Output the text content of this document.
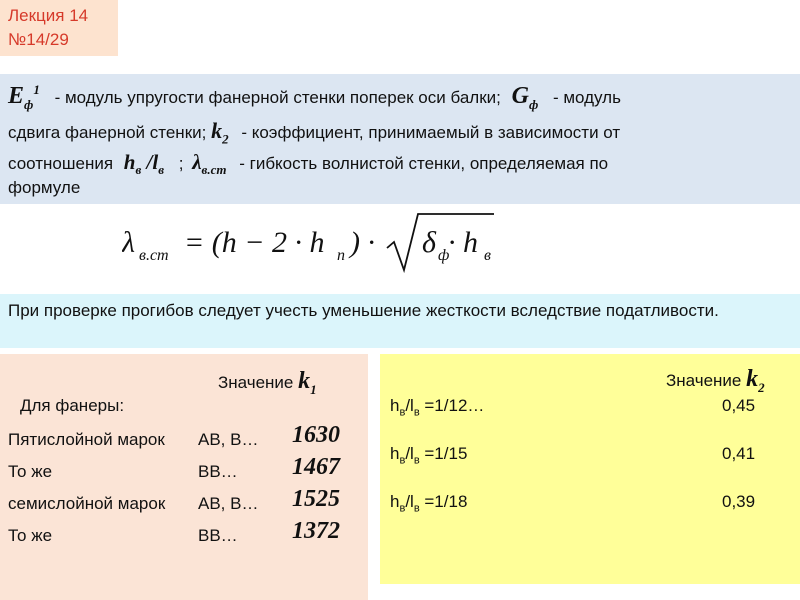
Лекция 14
№14/29
$E_ф^1$ - модуль упругости фанерной стенки поперек оси балки; $G_ф$ - модуль
сдвига фанерной стенки; $k_2$ - коэффициент, принимаемый в зависимости от
соотношения $h_в$ $/l_в$ ; $\lambda_{в.ст}$ - гибкость волнистой стенки, определяемая по
формуле
λ в.ст = (h − 2 · h п ) · δ ф
· h в
При проверке прогибов следует учесть уменьшение жесткости вследствие податливости.
Значение $k_1$
Для фанеры:
Пятислойной марок АВ, В… 1630
То же	ВВ… 1467
семислойной марок АВ, В… 1525
То же	ВВ… 1372
Значение $k_2$
$h_в/l_в$ =1/12…	0,45
$h_в/l_в =1/15$	0,41
$h_в/l_в =1/18$	0,39
